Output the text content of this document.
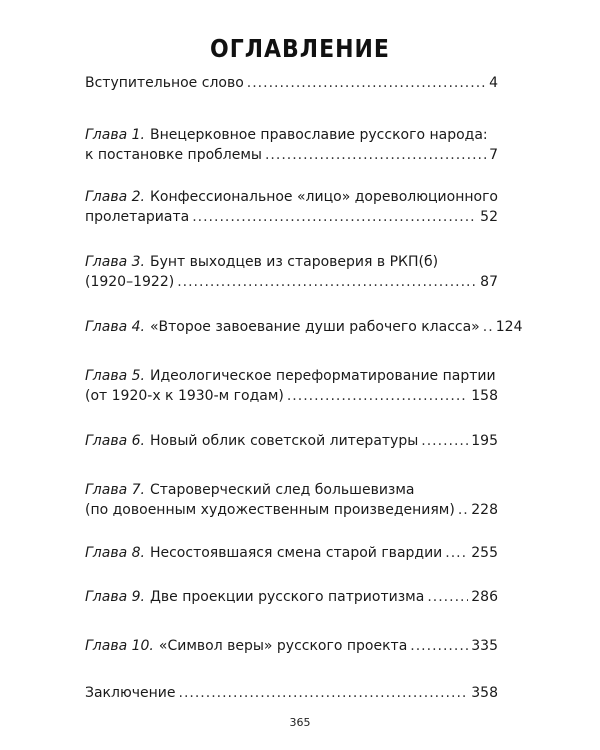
ОГЛАВЛЕНИЕ
Вступительное слово .....	4
Глава 1. Внецерковное православие русского народа:
к постановке проблемы .....	7
Глава 2. Конфессиональное «лицо» дореволюционного
пролетариата .....	52
Глава 3. Бунт выходцев из староверия в РКП(б)
(1920–1922) .....	87
Глава 4. «Второе завоевание души рабочего класса» ..... 124
Глава 5. Идеологическое переформатирование партии
(от 1920-х к 1930-м годам) .....	158
Глава 6. Новый облик советской литературы .....	195
Глава 7. Староверческий след большевизма
(по довоенным художественным произведениям) ..... 228
Глава 8. Несостоявшаяся смена старой гвардии ..... 255
Глава 9. Две проекции русского патриотизма .....	286
Глава 10. «Символ веры» русского проекта .....	335
Заключение .....	358
365
